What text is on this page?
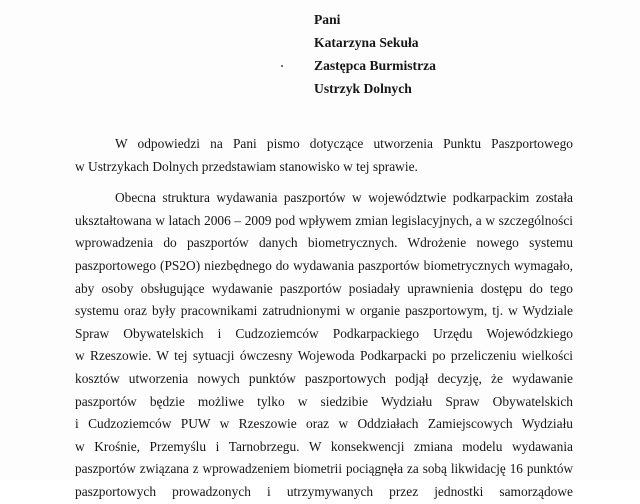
Pani
Katarzyna Sekuła
Zastępca Burmistrza
Ustrzyk Dolnych
W odpowiedzi na Pani pismo dotyczące utworzenia Punktu Paszportowego
w Ustrzykach Dolnych przedstawiam stanowisko w tej sprawie.
Obecna struktura wydawania paszportów w województwie podkarpackim została
ukształtowana w latach 2006 – 2009 pod wpływem zmian legislacyjnych, a w szczególności
wprowadzenia do paszportów danych biometrycznych. Wdrożenie nowego systemu
paszportowego (PS2O) niezbędnego do wydawania paszportów biometrycznych wymagało,
aby osoby obsługujące wydawanie paszportów posiadały uprawnienia dostępu do tego
systemu oraz były pracownikami zatrudnionymi w organie paszportowym, tj. w Wydziale
Spraw Obywatelskich i Cudzoziemców Podkarpackiego Urzędu Wojewódzkiego
w Rzeszowie. W tej sytuacji ówczesny Wojewoda Podkarpacki po przeliczeniu wielkości
kosztów utworzenia nowych punktów paszportowych podjął decyzję, że wydawanie
paszportów będzie możliwe tylko w siedzibie Wydziału Spraw Obywatelskich
i Cudzoziemców PUW w Rzeszowie oraz w Oddziałach Zamiejscowych Wydziału
w Krośnie, Przemyślu i Tarnobrzegu. W konsekwencji zmiana modelu wydawania
paszportów związana z wprowadzeniem biometrii pociągnęła za sobą likwidację 16 punktów
paszportowych prowadzonych i utrzymywanych przez jednostki samorządowe
